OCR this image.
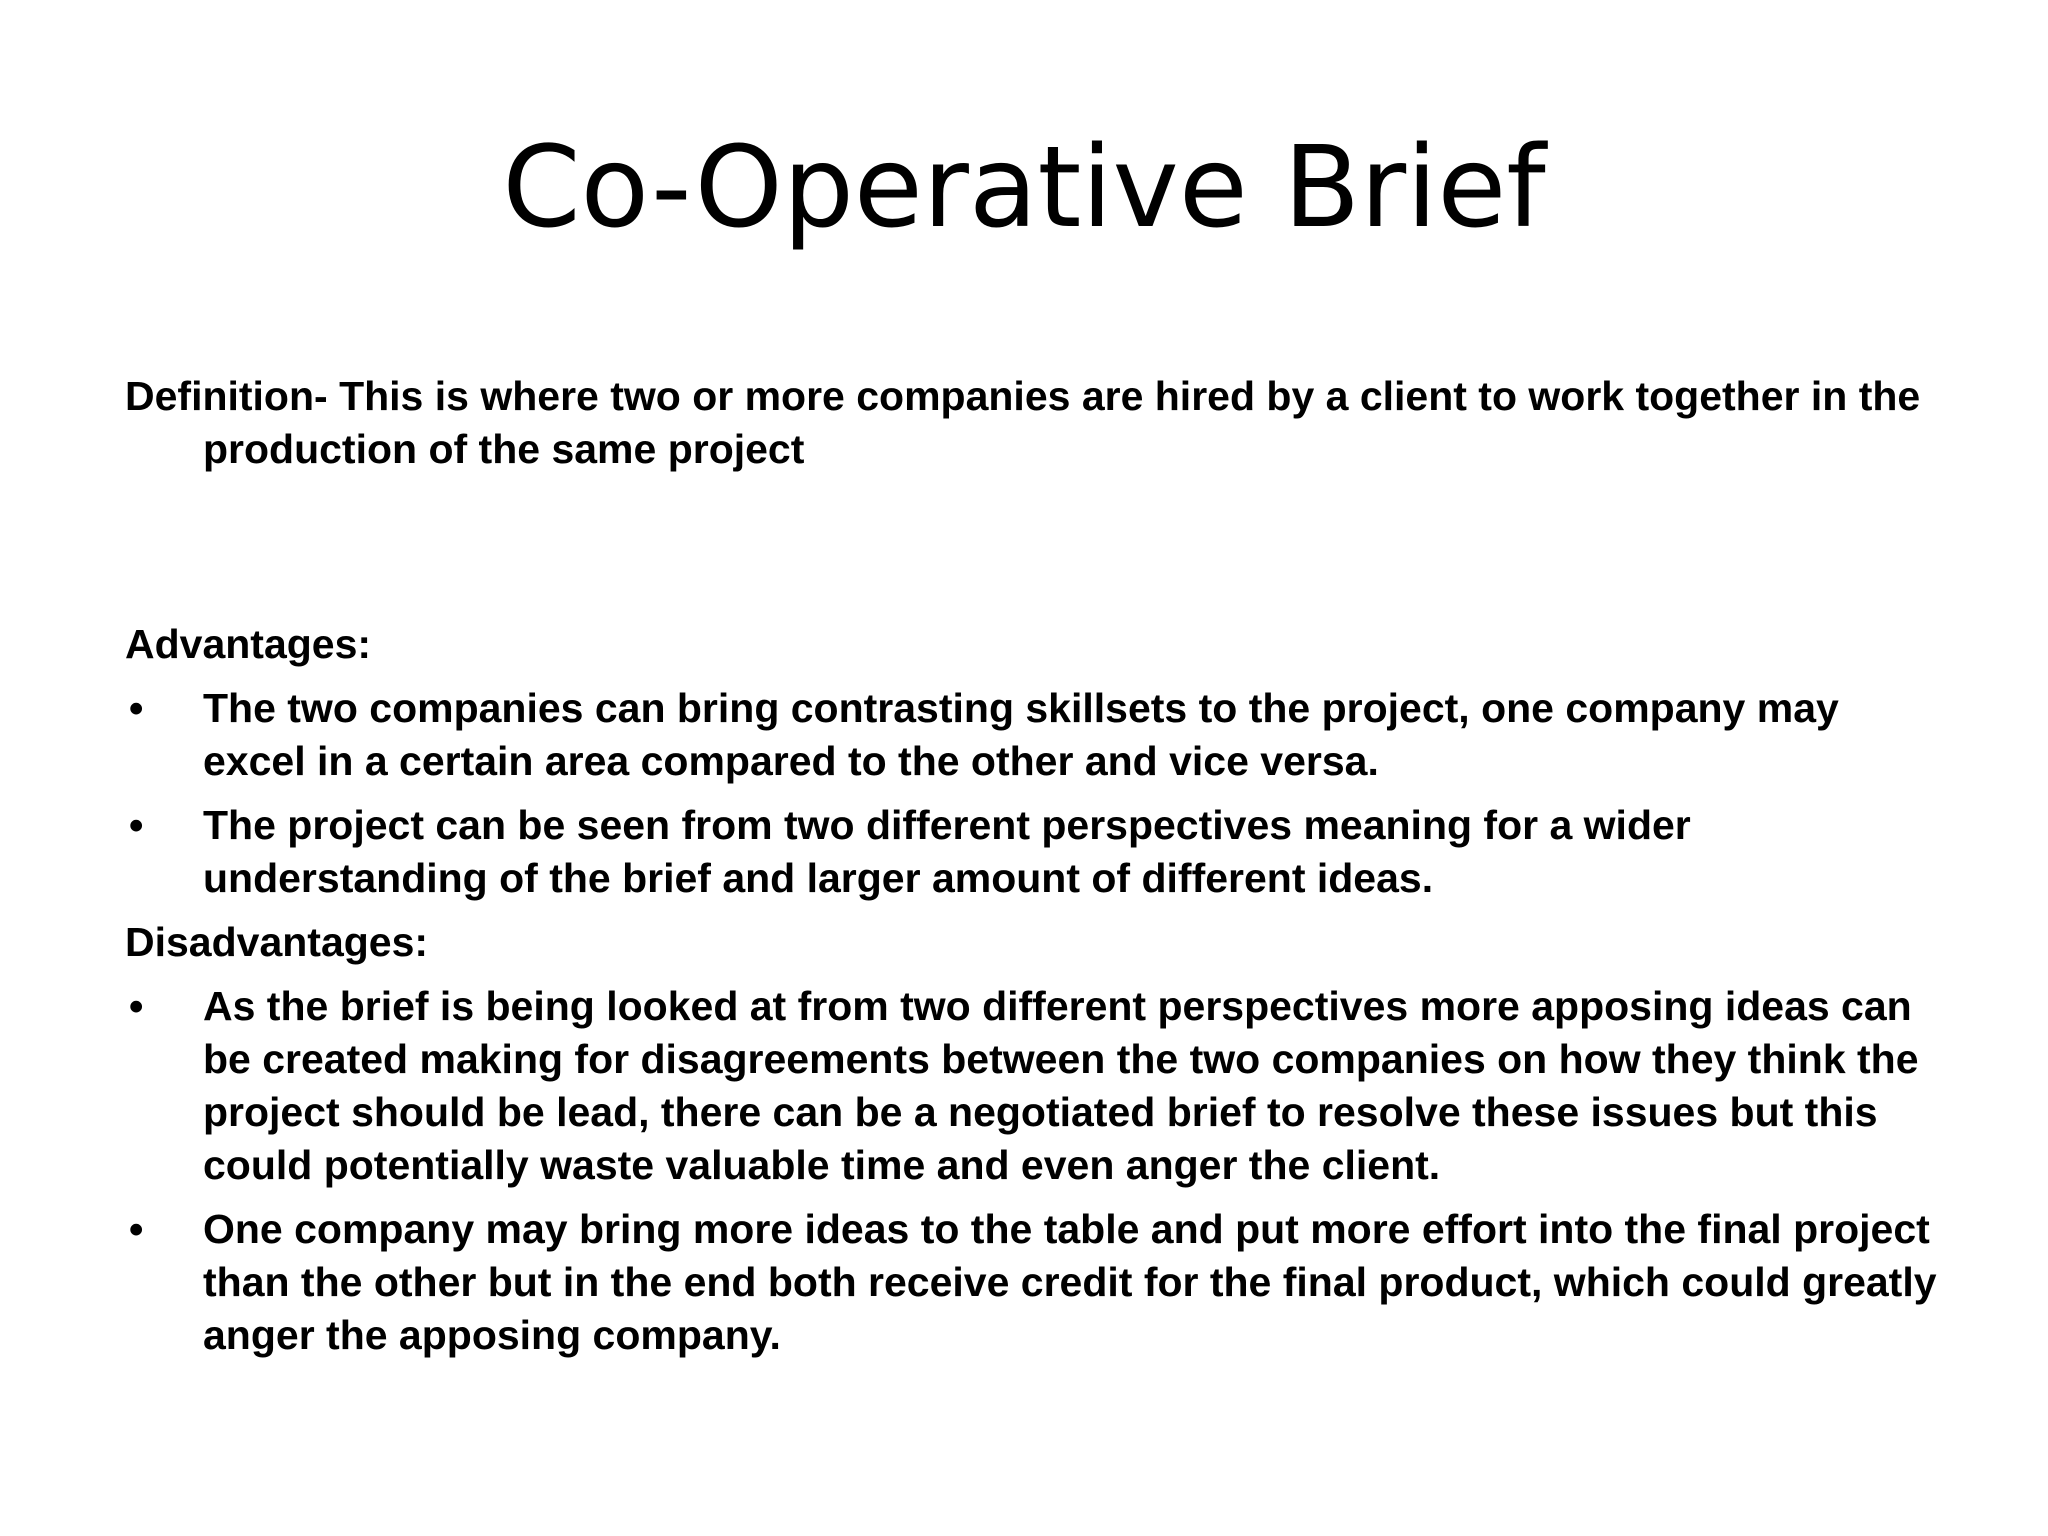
Co-Operative Brief

Definition- This is where two or more companies are hired by a client to work together in the production of the same project

Advantages:
• The two companies can bring contrasting skillsets to the project, one company may excel in a certain area compared to the other and vice versa.
• The project can be seen from two different perspectives meaning for a wider understanding of the brief and larger amount of different ideas.
Disadvantages:
• As the brief is being looked at from two different perspectives more apposing ideas can be created making for disagreements between the two companies on how they think the project should be lead, there can be a negotiated brief to resolve these issues but this could potentially waste valuable time and even anger the client.
• One company may bring more ideas to the table and put more effort into the final project than the other but in the end both receive credit for the final product, which could greatly anger the apposing company.
